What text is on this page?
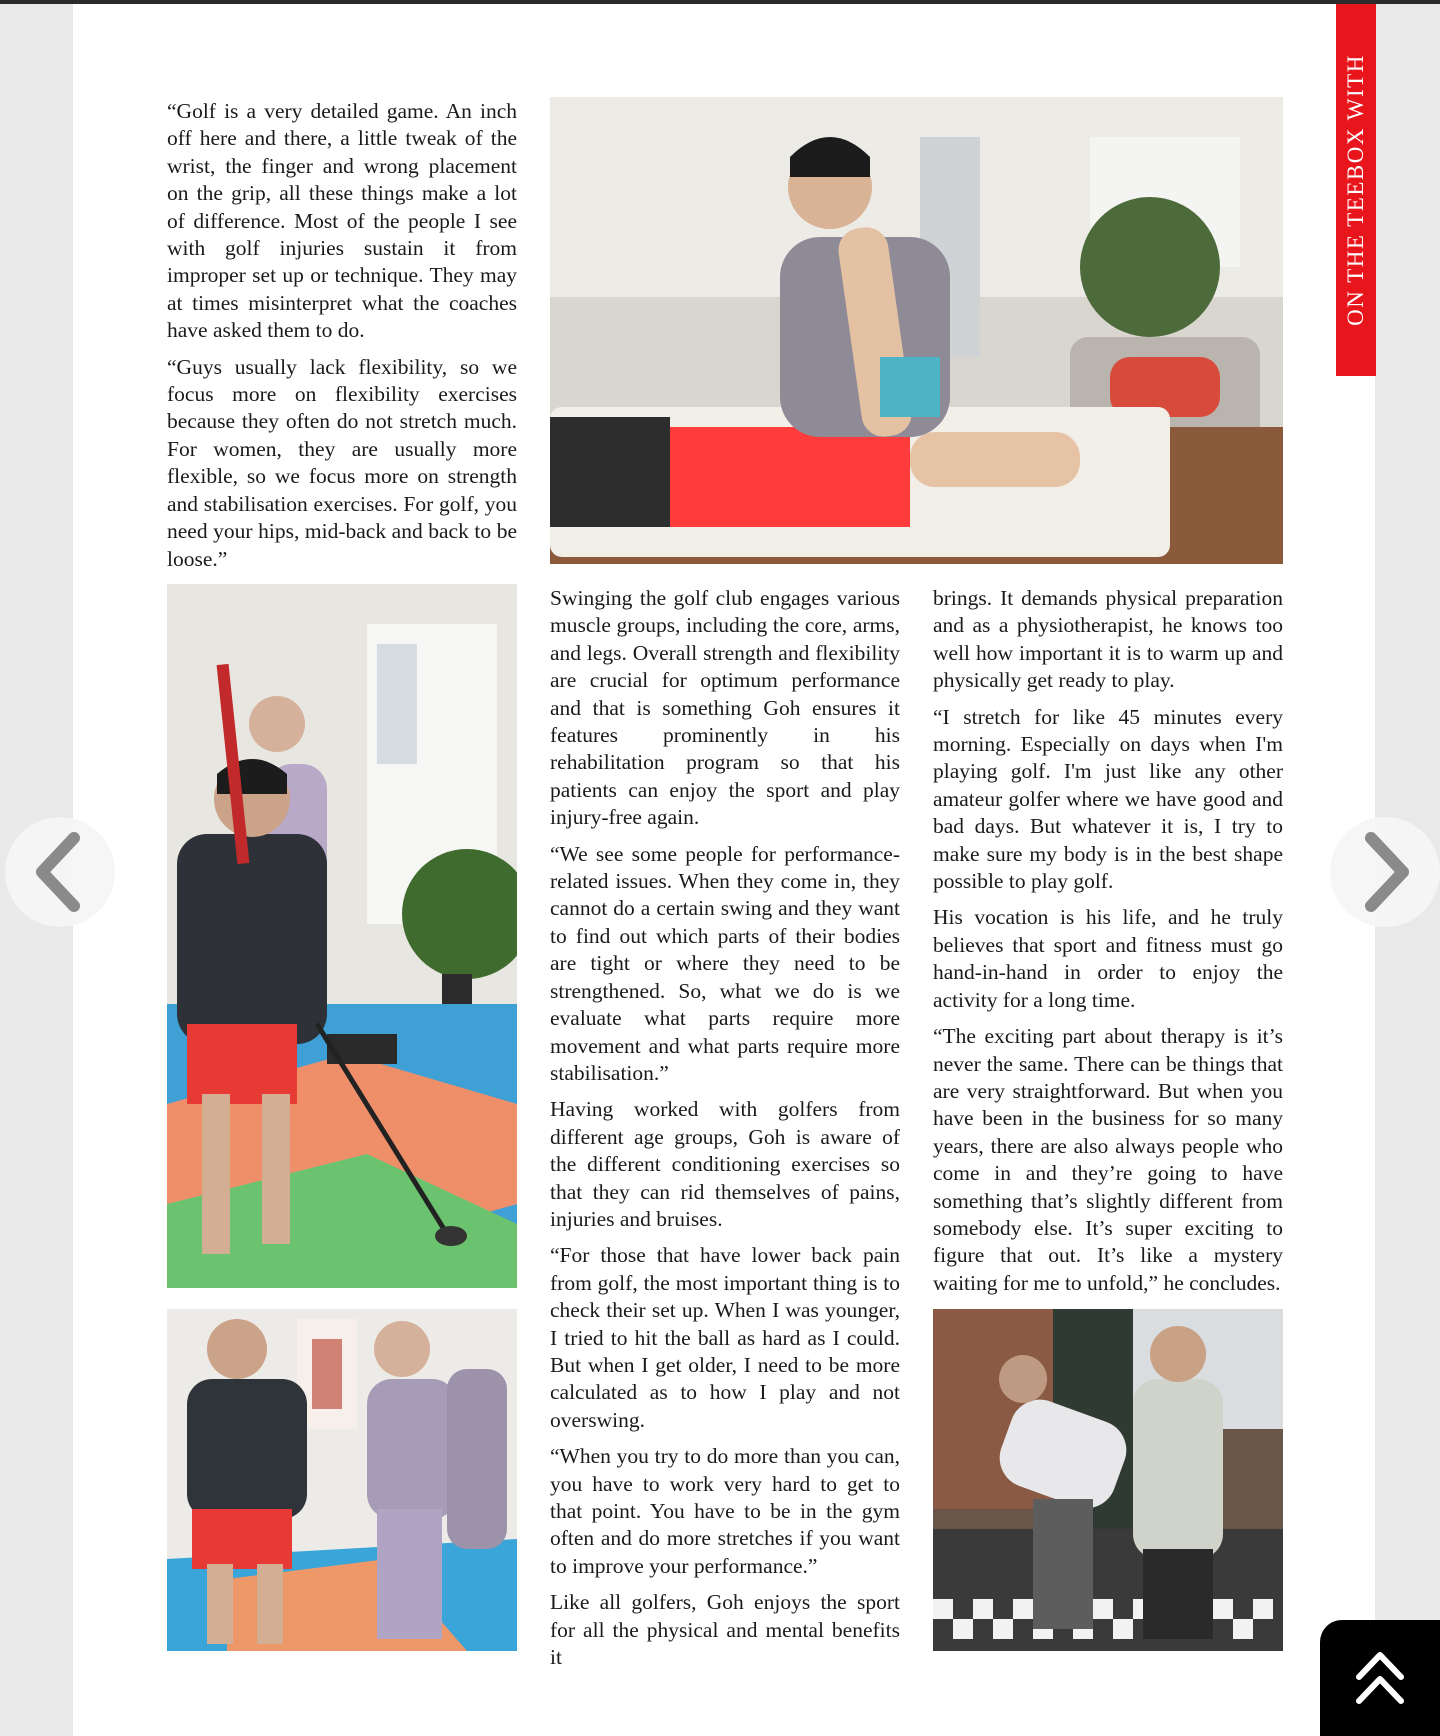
“Golf is a very detailed game. An inch off here and there, a little tweak of the wrist, the finger and wrong placement on the grip, all these things make a lot of difference. Most of the people I see with golf injuries sustain it from improper set up or technique. They may at times misinterpret what the coaches have asked them to do.

“Guys usually lack flexibility, so we focus more on flexibility exercises because they often do not stretch much. For women, they are usually more flexible, so we focus more on strength and stabilisation exercises. For golf, you need your hips, mid-back and back to be loose.”

Swinging the golf club engages various muscle groups, including the core, arms, and legs. Overall strength and flexibility are crucial for optimum performance and that is something Goh ensures it features prominently in his rehabilitation program so that his patients can enjoy the sport and play injury-free again.

“We see some people for performance-related issues. When they come in, they cannot do a certain swing and they want to find out which parts of their bodies are tight or where they need to be strengthened. So, what we do is we evaluate what parts require more movement and what parts require more stabilisation.”

Having worked with golfers from different age groups, Goh is aware of the different conditioning exercises so that they can rid themselves of pains, injuries and bruises.

“For those that have lower back pain from golf, the most important thing is to check their set up. When I was younger, I tried to hit the ball as hard as I could. But when I get older, I need to be more calculated as to how I play and not overswing.

“When you try to do more than you can, you have to work very hard to get to that point. You have to be in the gym often and do more stretches if you want to improve your performance.”

Like all golfers, Goh enjoys the sport for all the physical and mental benefits it

brings. It demands physical preparation and as a physiotherapist, he knows too well how important it is to warm up and physically get ready to play.

“I stretch for like 45 minutes every morning. Especially on days when I'm playing golf. I'm just like any other amateur golfer where we have good and bad days. But whatever it is, I try to make sure my body is in the best shape possible to play golf.

His vocation is his life, and he truly believes that sport and fitness must go hand-in-hand in order to enjoy the activity for a long time.

“The exciting part about therapy is it’s never the same. There can be things that are very straightforward. But when you have been in the business for so many years, there are also always people who come in and they’re going to have something that’s slightly different from somebody else. It’s super exciting to figure that out. It’s like a mystery waiting for me to unfold,” he concludes.

ON THE TEEBOX WITH
